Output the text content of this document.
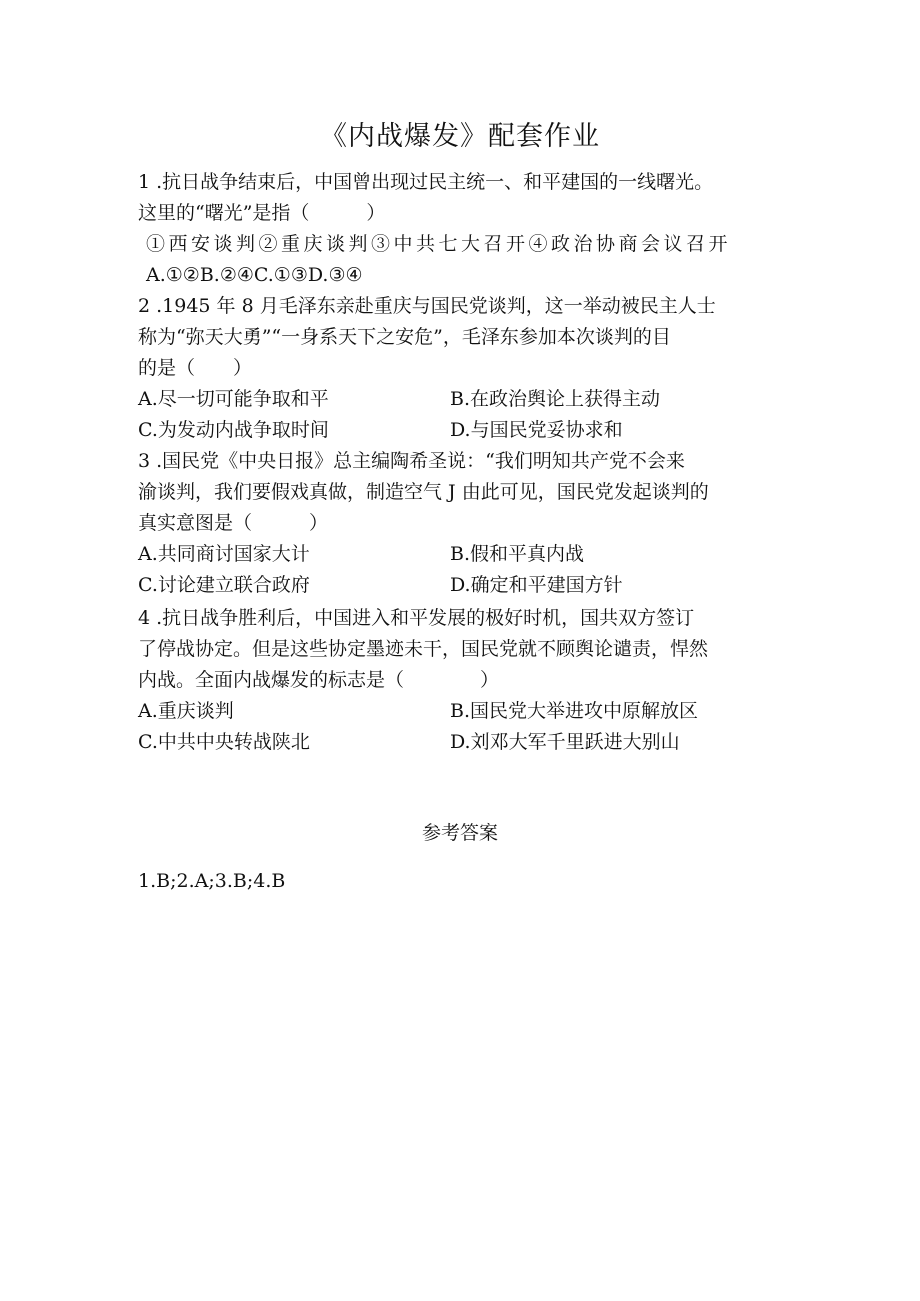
《内战爆发》配套作业
1 .抗日战争结束后，中国曾出现过民主统一、和平建国的一线曙光。
这里的“曙光”是指（　　　）
①西安谈判②重庆谈判③中共七大召开④政治协商会议召开
A.①②B.②④C.①③D.③④
2 .1945 年 8 月毛泽东亲赴重庆与国民党谈判，这一举动被民主人士
称为“弥天大勇”“一身系天下之安危”，毛泽东参加本次谈判的目
的是（　　）
A.尽一切可能争取和平	B.在政治舆论上获得主动
C.为发动内战争取时间	D.与国民党妥协求和
3 .国民党《中央日报》总主编陶希圣说：“我们明知共产党不会来
渝谈判，我们要假戏真做，制造空气 J 由此可见，国民党发起谈判的
真实意图是（　　　）
A.共同商讨国家大计	B.假和平真内战
C.讨论建立联合政府	D.确定和平建国方针
4 .抗日战争胜利后，中国进入和平发展的极好时机，国共双方签订
了停战协定。但是这些协定墨迹未干，国民党就不顾舆论谴责，悍然
内战。全面内战爆发的标志是（　　　　）
A.重庆谈判	B.国民党大举进攻中原解放区
C.中共中央转战陕北	D.刘邓大军千里跃进大别山
参考答案
1.B;2.A;3.B;4.B
